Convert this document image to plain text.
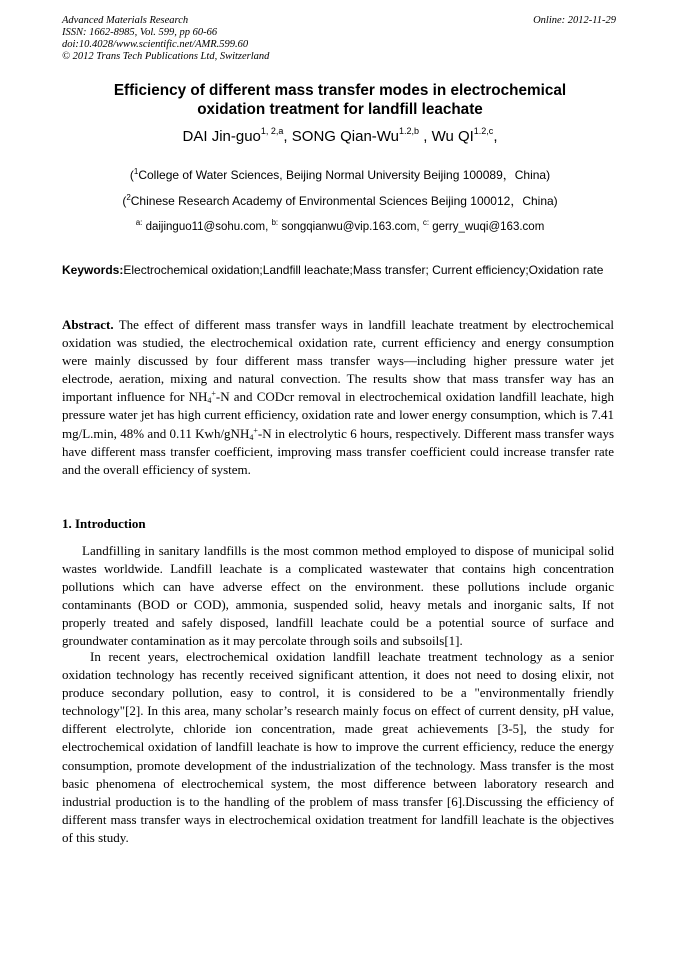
Advanced Materials Research
ISSN: 1662-8985, Vol. 599, pp 60-66
doi:10.4028/www.scientific.net/AMR.599.60
© 2012 Trans Tech Publications Ltd, Switzerland
Online: 2012-11-29
Efficiency of different mass transfer modes in electrochemical
oxidation treatment for landfill leachate
DAI Jin-guo$^{1, 2,a}$, SONG Qian-$Wu^{1.2,b}$ , Wu $QI^{1.2,c}$,
($^1$College of Water Sciences, Beijing Normal University Beijing 100089，China)
($^2$Chinese Research Academy of Environmental Sciences Beijing 100012，China)
$^{a:}$ daijinguo11@sohu.com, $^{b:}$ songqianwu@vip.163.com, $^{c:}$ gerry_wuqi@163.com
Keywords:Electrochemical oxidation;Landfill leachate;Mass transfer; Current efficiency;Oxidation rate
Abstract. The effect of different mass transfer ways in landfill leachate treatment by electrochemical oxidation was studied, the electrochemical oxidation rate, current efficiency and energy consumption were mainly discussed by four different mass transfer ways—including higher pressure water jet electrode, aeration, mixing and natural convection. The results show that mass transfer way has an important influence for $NH_4^+-N$ and CODcr removal in electrochemical oxidation landfill leachate, high pressure water jet has high current efficiency, oxidation rate and lower energy consumption, which is 7.41 mg/L.min, 48% and 0.11 Kwh/gNH$_4$+-N in electrolytic 6 hours, respectively. Different mass transfer ways have different mass transfer coefficient, improving mass transfer coefficient could increase transfer rate and the overall efficiency of system.
1. Introduction
Landfilling in sanitary landfills is the most common method employed to dispose of municipal solid wastes worldwide. Landfill leachate is a complicated wastewater that contains high concentration pollutions which can have adverse effect on the environment. these pollutions include organic contaminants (BOD or COD), ammonia, suspended solid, heavy metals and inorganic salts, If not properly treated and safely disposed, landfill leachate could be a potential source of surface and groundwater contamination as it may percolate through soils and subsoils[1].
In recent years, electrochemical oxidation landfill leachate treatment technology as a senior oxidation technology has recently received significant attention, it does not need to dosing elixir, not produce secondary pollution, easy to control, it is considered to be a "environmentally friendly technology"[2]. In this area, many scholar’s research mainly focus on effect of current density, pH value, different electrolyte, chloride ion concentration, made great achievements [3-5], the study for electrochemical oxidation of landfill leachate is how to improve the current efficiency, reduce the energy consumption, promote development of the industrialization of the technology. Mass transfer is the most basic phenomena of electrochemical system, the most difference between laboratory research and industrial production is to the handling of the problem of mass transfer [6].Discussing the efficiency of different mass transfer ways in electrochemical oxidation treatment for landfill leachate is the objectives of this study.
